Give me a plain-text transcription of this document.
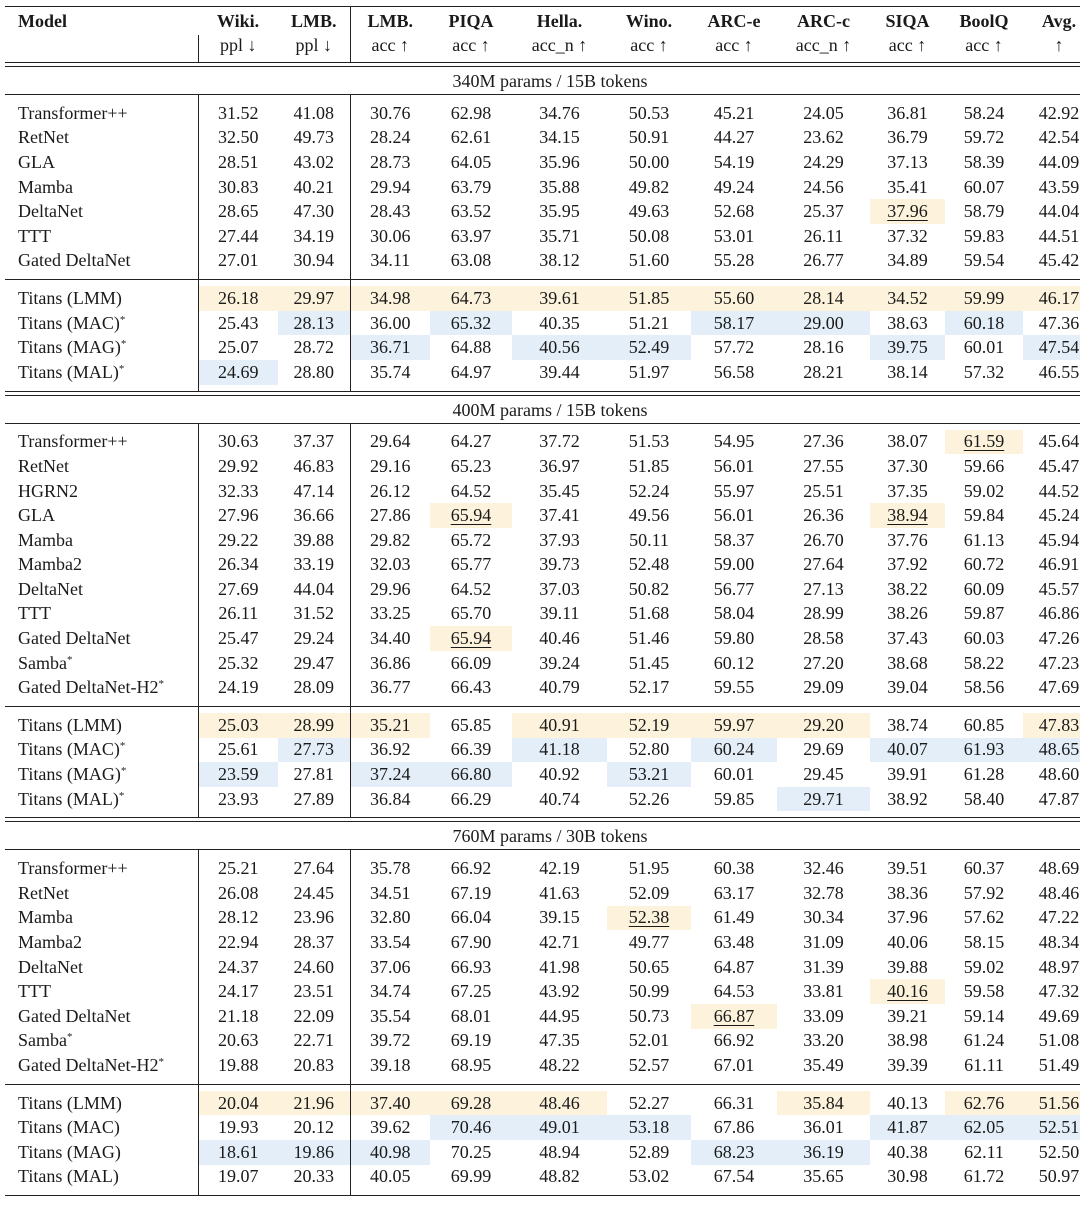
Model	Wiki.	LMB.	LMB.	PIQA	Hella.	Wino.	ARC-e	ARC-c	SIQA	BoolQ	Avg.
	ppl ↓	ppl ↓	acc ↑	acc ↑	acc_n ↑	acc ↑	acc ↑	acc_n ↑	acc ↑	acc ↑	↑

340M params / 15B tokens											

Transformer++	31.52	41.08	30.76	62.98	34.76	50.53	45.21	24.05	36.81	58.24	42.92
RetNet	32.50	49.73	28.24	62.61	34.15	50.91	44.27	23.62	36.79	59.72	42.54
GLA	28.51	43.02	28.73	64.05	35.96	50.00	54.19	24.29	37.13	58.39	44.09
Mamba	30.83	40.21	29.94	63.79	35.88	49.82	49.24	24.56	35.41	60.07	43.59
DeltaNet	28.65	47.30	28.43	63.52	35.95	49.63	52.68	25.37	37.96	58.79	44.04
TTT	27.44	34.19	30.06	63.97	35.71	50.08	53.01	26.11	37.32	59.83	44.51
Gated DeltaNet	27.01	30.94	34.11	63.08	38.12	51.60	55.28	26.77	34.89	59.54	45.42

Titans (LMM)	26.18	29.97	34.98	64.73	39.61	51.85	55.60	28.14	34.52	59.99	46.17
Titans (MAC)*	25.43	28.13	36.00	65.32	40.35	51.21	58.17	29.00	38.63	60.18	47.36
Titans (MAG)*	25.07	28.72	36.71	64.88	40.56	52.49	57.72	28.16	39.75	60.01	47.54
Titans (MAL)*	24.69	28.80	35.74	64.97	39.44	51.97	56.58	28.21	38.14	57.32	46.55

400M params / 15B tokens											

Transformer++	30.63	37.37	29.64	64.27	37.72	51.53	54.95	27.36	38.07	61.59	45.64
RetNet	29.92	46.83	29.16	65.23	36.97	51.85	56.01	27.55	37.30	59.66	45.47
HGRN2	32.33	47.14	26.12	64.52	35.45	52.24	55.97	25.51	37.35	59.02	44.52
GLA	27.96	36.66	27.86	65.94	37.41	49.56	56.01	26.36	38.94	59.84	45.24
Mamba	29.22	39.88	29.82	65.72	37.93	50.11	58.37	26.70	37.76	61.13	45.94
Mamba2	26.34	33.19	32.03	65.77	39.73	52.48	59.00	27.64	37.92	60.72	46.91
DeltaNet	27.69	44.04	29.96	64.52	37.03	50.82	56.77	27.13	38.22	60.09	45.57
TTT	26.11	31.52	33.25	65.70	39.11	51.68	58.04	28.99	38.26	59.87	46.86
Gated DeltaNet	25.47	29.24	34.40	65.94	40.46	51.46	59.80	28.58	37.43	60.03	47.26
Samba*	25.32	29.47	36.86	66.09	39.24	51.45	60.12	27.20	38.68	58.22	47.23
Gated DeltaNet-H2*	24.19	28.09	36.77	66.43	40.79	52.17	59.55	29.09	39.04	58.56	47.69

Titans (LMM)	25.03	28.99	35.21	65.85	40.91	52.19	59.97	29.20	38.74	60.85	47.83
Titans (MAC)*	25.61	27.73	36.92	66.39	41.18	52.80	60.24	29.69	40.07	61.93	48.65
Titans (MAG)*	23.59	27.81	37.24	66.80	40.92	53.21	60.01	29.45	39.91	61.28	48.60
Titans (MAL)*	23.93	27.89	36.84	66.29	40.74	52.26	59.85	29.71	38.92	58.40	47.87

760M params / 30B tokens											

Transformer++	25.21	27.64	35.78	66.92	42.19	51.95	60.38	32.46	39.51	60.37	48.69
RetNet	26.08	24.45	34.51	67.19	41.63	52.09	63.17	32.78	38.36	57.92	48.46
Mamba	28.12	23.96	32.80	66.04	39.15	52.38	61.49	30.34	37.96	57.62	47.22
Mamba2	22.94	28.37	33.54	67.90	42.71	49.77	63.48	31.09	40.06	58.15	48.34
DeltaNet	24.37	24.60	37.06	66.93	41.98	50.65	64.87	31.39	39.88	59.02	48.97
TTT	24.17	23.51	34.74	67.25	43.92	50.99	64.53	33.81	40.16	59.58	47.32
Gated DeltaNet	21.18	22.09	35.54	68.01	44.95	50.73	66.87	33.09	39.21	59.14	49.69
Samba*	20.63	22.71	39.72	69.19	47.35	52.01	66.92	33.20	38.98	61.24	51.08
Gated DeltaNet-H2*	19.88	20.83	39.18	68.95	48.22	52.57	67.01	35.49	39.39	61.11	51.49

Titans (LMM)	20.04	21.96	37.40	69.28	48.46	52.27	66.31	35.84	40.13	62.76	51.56
Titans (MAC)	19.93	20.12	39.62	70.46	49.01	53.18	67.86	36.01	41.87	62.05	52.51
Titans (MAG)	18.61	19.86	40.98	70.25	48.94	52.89	68.23	36.19	40.38	62.11	52.50
Titans (MAL)	19.07	20.33	40.05	69.99	48.82	53.02	67.54	35.65	30.98	61.72	50.97
